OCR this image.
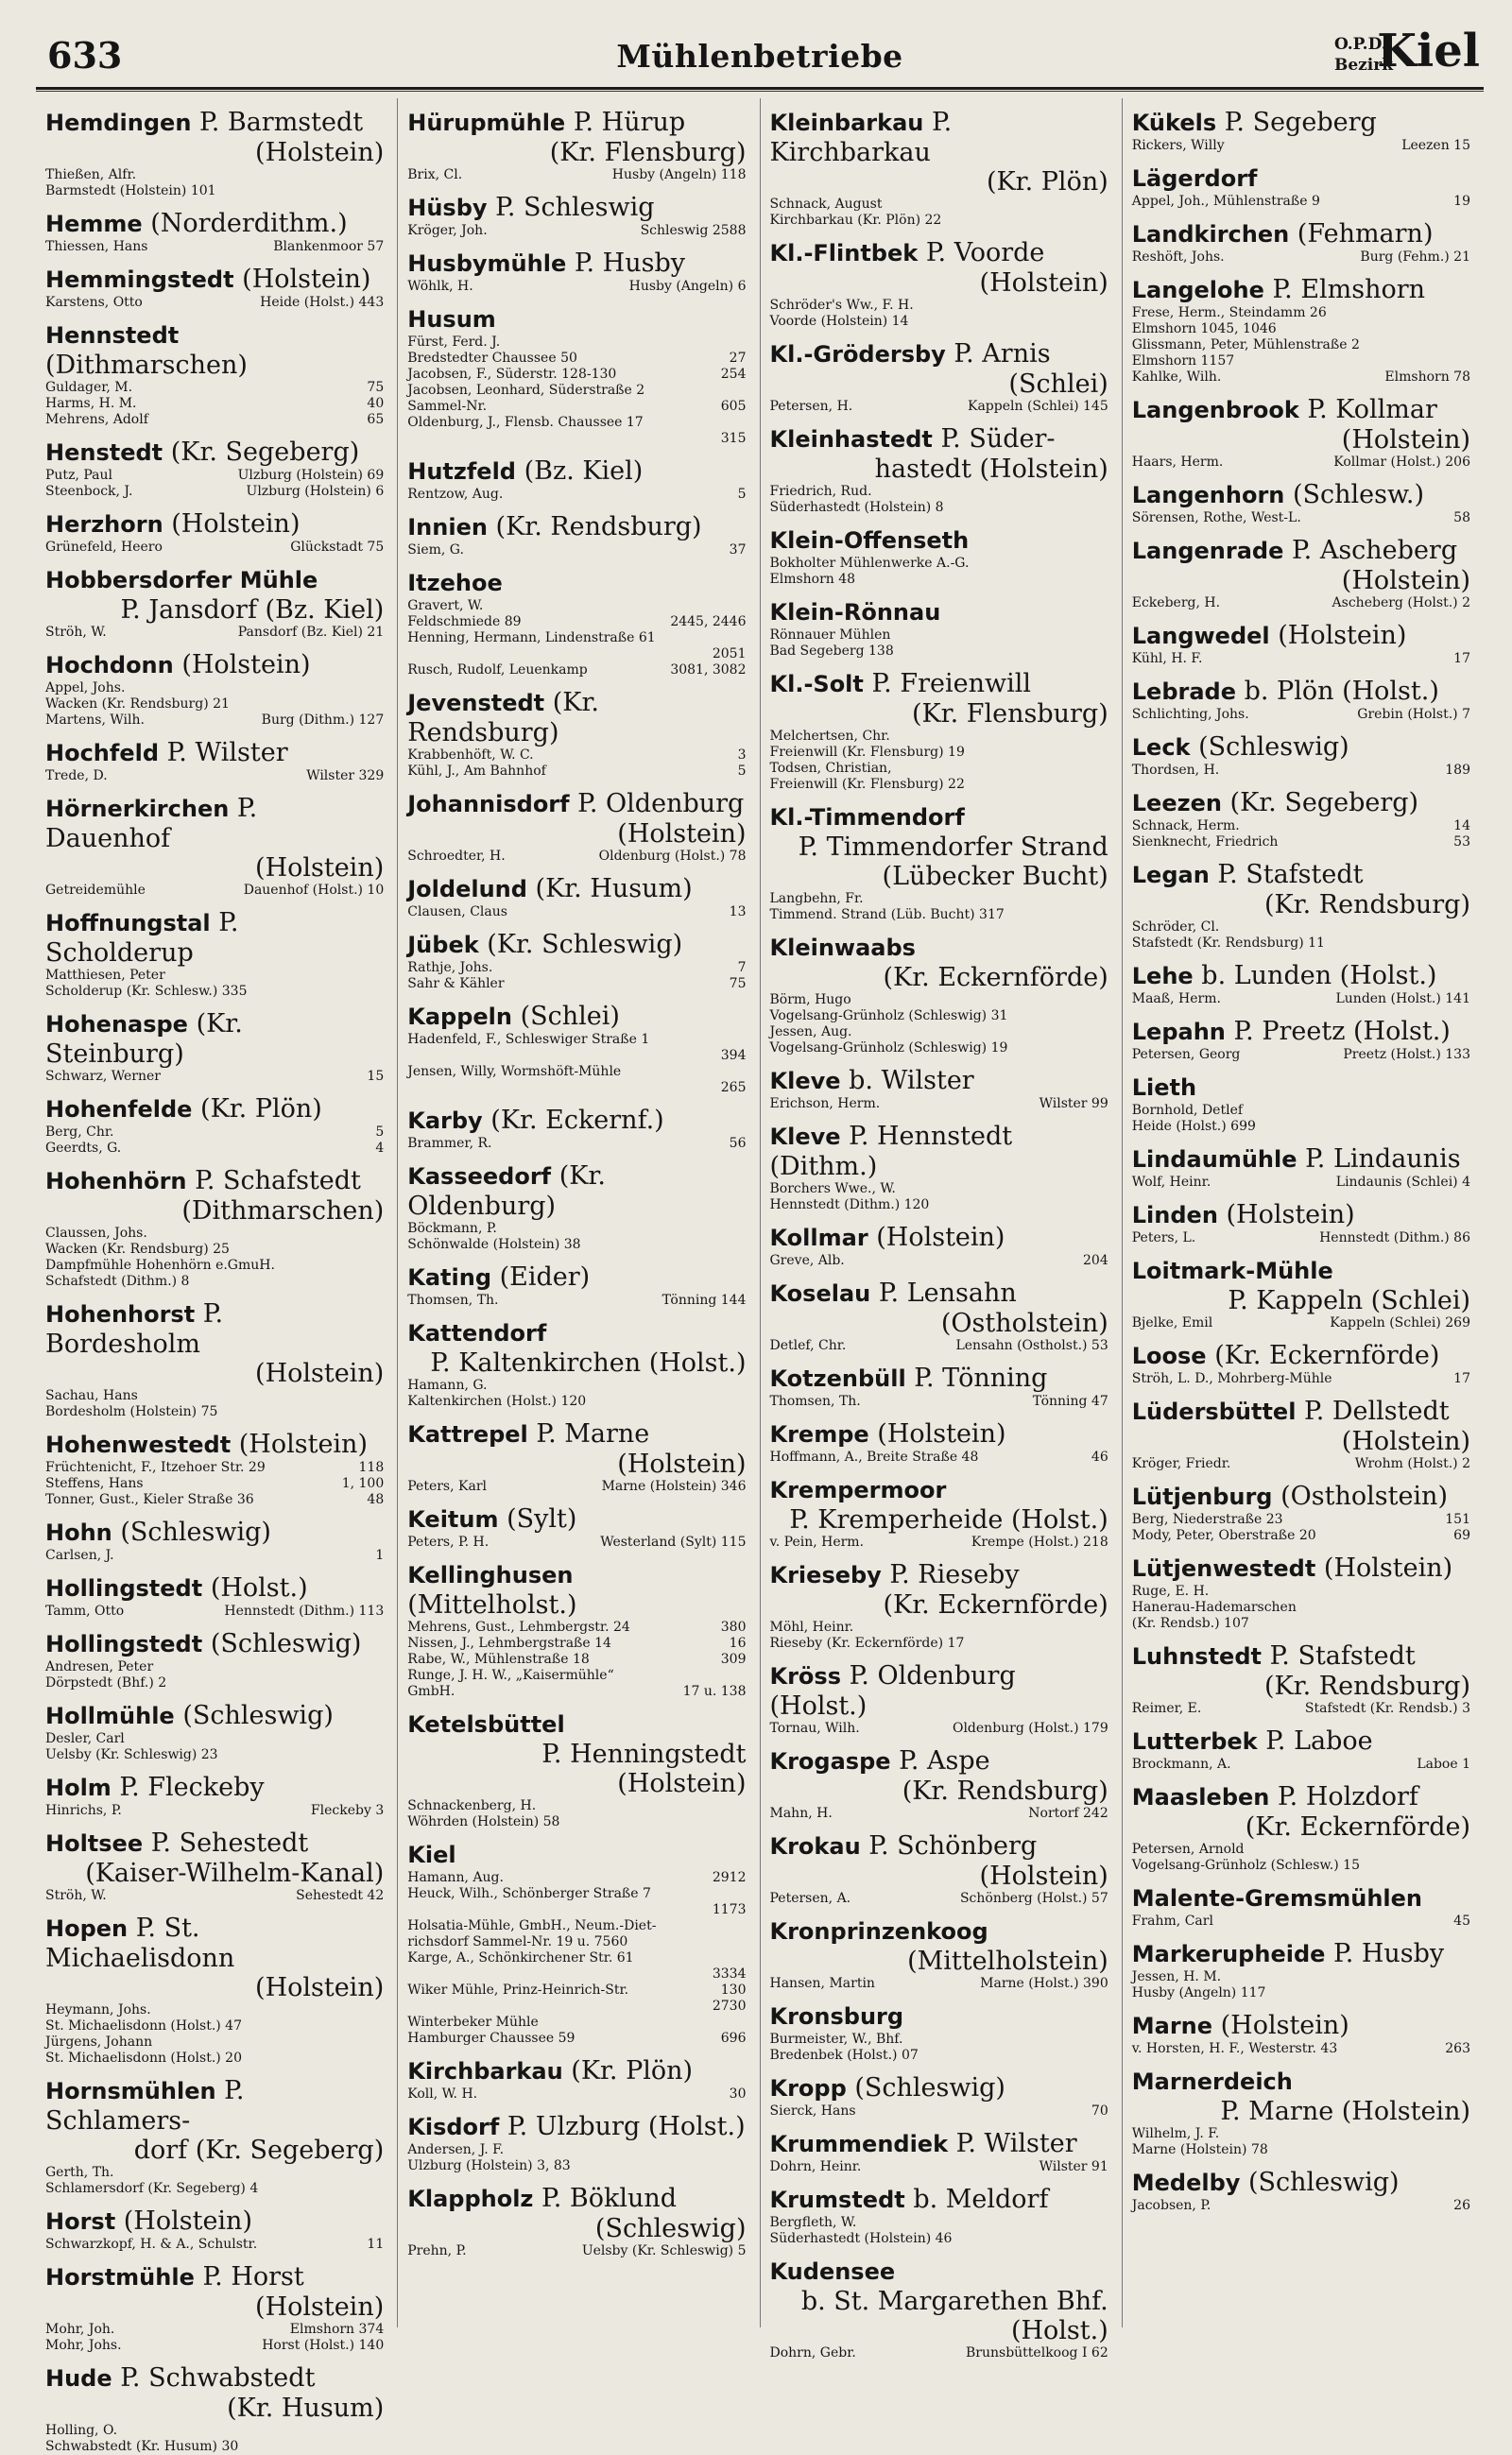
633	Mühlenbetriebe	O.P.D.
Bezirk
Kiel
Hemdingen P. Barmstedt
(Holstein)
Thießen, Alfr.
Barmstedt (Holstein) 101
Hemme (Norderdithm.)
Thiessen, Hans	Blankenmoor 57
Hemmingstedt (Holstein)
Karstens, Otto	Heide (Holst.) 443
Hennstedt (Dithmarschen)
Guldager, M.	75
Harms, H. M.	40
Mehrens, Adolf	65
Henstedt (Kr. Segeberg)
Putz, Paul	Ulzburg (Holstein) 69
Steenbock, J.	Ulzburg (Holstein) 6
Herzhorn (Holstein)
Grünefeld, Heero	Glückstadt 75
Hobbersdorfer Mühle
P. Jansdorf (Bz. Kiel)
Ströh, W.	Pansdorf (Bz. Kiel) 21
Hochdonn (Holstein)
Appel, Johs.
Wacken (Kr. Rendsburg) 21
Martens, Wilh.	Burg (Dithm.) 127
Hochfeld P. Wilster
Trede, D.	Wilster 329
Hörnerkirchen P. Dauenhof
(Holstein)
Getreidemühle	Dauenhof (Holst.) 10
Hoffnungstal P. Scholderup
Matthiesen, Peter
Scholderup (Kr. Schlesw.) 335
Hohenaspe (Kr. Steinburg)
Schwarz, Werner	15
Hohenfelde (Kr. Plön)
Berg, Chr.	5
Geerdts, G.	4
Hohenhörn P. Schafstedt
(Dithmarschen)
Claussen, Johs.
Wacken (Kr. Rendsburg) 25
Dampfmühle Hohenhörn e.GmuH.
Schafstedt (Dithm.) 8
Hohenhorst P. Bordesholm
(Holstein)
Sachau, Hans
Bordesholm (Holstein) 75
Hohenwestedt (Holstein)
Früchtenicht, F., Itzehoer Str. 29	118
Steffens, Hans	1, 100
Tonner, Gust., Kieler Straße 36	48
Hohn (Schleswig)
Carlsen, J.	1
Hollingstedt (Holst.)
Tamm, Otto	Hennstedt (Dithm.) 113
Hollingstedt (Schleswig)
Andresen, Peter
Dörpstedt (Bhf.) 2
Hollmühle (Schleswig)
Desler, Carl
Uelsby (Kr. Schleswig) 23
Holm P. Fleckeby
Hinrichs, P.	Fleckeby 3
Holtsee P. Sehestedt
(Kaiser-Wilhelm-Kanal)
Ströh, W.	Sehestedt 42
Hopen P. St. Michaelisdonn
(Holstein)
Heymann, Johs.
St. Michaelisdonn (Holst.) 47
Jürgens, Johann
St. Michaelisdonn (Holst.) 20
Hornsmühlen P. Schlamers-
dorf (Kr. Segeberg)
Gerth, Th.
Schlamersdorf (Kr. Segeberg) 4
Horst (Holstein)
Schwarzkopf, H. & A., Schulstr.	11
Horstmühle P. Horst
(Holstein)
Mohr, Joh.	Elmshorn 374
Mohr, Johs.	Horst (Holst.) 140
Hude P. Schwabstedt
(Kr. Husum)
Holling, O.
Schwabstedt (Kr. Husum) 30
Hürupmühle P. Hürup
(Kr. Flensburg)
Brix, Cl.	Husby (Angeln) 118
Hüsby P. Schleswig
Kröger, Joh.	Schleswig 2588
Husbymühle P. Husby
Wöhlk, H.	Husby (Angeln) 6
Husum
Fürst, Ferd. J.
Bredstedter Chaussee 50	27
Jacobsen, F., Süderstr. 128-130	254
Jacobsen, Leonhard, Süderstraße 2
Sammel-Nr.	605
Oldenburg, J., Flensb. Chaussee 17
315
Hutzfeld (Bz. Kiel)
Rentzow, Aug.	5
Innien (Kr. Rendsburg)
Siem, G.	37
Itzehoe
Gravert, W.
Feldschmiede 89	2445, 2446
Henning, Hermann, Lindenstraße 61
2051
Rusch, Rudolf, Leuenkamp	3081, 3082
Jevenstedt (Kr. Rendsburg)
Krabbenhöft, W. C.	3
Kühl, J., Am Bahnhof	5
Johannisdorf P. Oldenburg
(Holstein)
Schroedter, H.	Oldenburg (Holst.) 78
Joldelund (Kr. Husum)
Clausen, Claus	13
Jübek (Kr. Schleswig)
Rathje, Johs.	7
Sahr & Kähler	75
Kappeln (Schlei)
Hadenfeld, F., Schleswiger Straße 1
394
Jensen, Willy, Wormshöft-Mühle
265
Karby (Kr. Eckernf.)
Brammer, R.	56
Kasseedorf (Kr. Oldenburg)
Böckmann, P.
Schönwalde (Holstein) 38
Kating (Eider)
Thomsen, Th.	Tönning 144
Kattendorf
P. Kaltenkirchen (Holst.)
Hamann, G.
Kaltenkirchen (Holst.) 120
Kattrepel P. Marne
(Holstein)
Peters, Karl	Marne (Holstein) 346
Keitum (Sylt)
Peters, P. H.	Westerland (Sylt) 115
Kellinghusen (Mittelholst.)
Mehrens, Gust., Lehmbergstr. 24	380
Nissen, J., Lehmbergstraße 14	16
Rabe, W., Mühlenstraße 18	309
Runge, J. H. W., „Kaisermühle“
GmbH.	17 u. 138
Ketelsbüttel
P. Henningstedt (Holstein)
Schnackenberg, H.
Wöhrden (Holstein) 58
Kiel
Hamann, Aug.	2912
Heuck, Wilh., Schönberger Straße 7
1173
Holsatia-Mühle, GmbH., Neum.-Diet-
richsdorf Sammel-Nr. 19 u. 7560
Karge, A., Schönkirchener Str. 61
3334
Wiker Mühle, Prinz-Heinrich-Str.	130
2730
Winterbeker Mühle
Hamburger Chaussee 59	696
Kirchbarkau (Kr. Plön)
Koll, W. H.	30
Kisdorf P. Ulzburg (Holst.)
Andersen, J. F.
Ulzburg (Holstein) 3, 83
Klappholz P. Böklund
(Schleswig)
Prehn, P.	Uelsby (Kr. Schleswig) 5
Kleinbarkau P. Kirchbarkau
(Kr. Plön)
Schnack, August
Kirchbarkau (Kr. Plön) 22
Kl.-Flintbek P. Voorde
(Holstein)
Schröder's Ww., F. H.
Voorde (Holstein) 14
Kl.-Grödersby P. Arnis
(Schlei)
Petersen, H.	Kappeln (Schlei) 145
Kleinhastedt P. Süder-
hastedt (Holstein)
Friedrich, Rud.
Süderhastedt (Holstein) 8
Klein-Offenseth
Bokholter Mühlenwerke A.-G.
Elmshorn 48
Klein-Rönnau
Rönnauer Mühlen
Bad Segeberg 138
Kl.-Solt P. Freienwill
(Kr. Flensburg)
Melchertsen, Chr.
Freienwill (Kr. Flensburg) 19
Todsen, Christian,
Freienwill (Kr. Flensburg) 22
Kl.-Timmendorf
P. Timmendorfer Strand
(Lübecker Bucht)
Langbehn, Fr.
Timmend. Strand (Lüb. Bucht) 317
Kleinwaabs
(Kr. Eckernförde)
Börm, Hugo
Vogelsang-Grünholz (Schleswig) 31
Jessen, Aug.
Vogelsang-Grünholz (Schleswig) 19
Kleve b. Wilster
Erichson, Herm.	Wilster 99
Kleve P. Hennstedt (Dithm.)
Borchers Wwe., W.
Hennstedt (Dithm.) 120
Kollmar (Holstein)
Greve, Alb.	204
Koselau P. Lensahn
(Ostholstein)
Detlef, Chr.	Lensahn (Ostholst.) 53
Kotzenbüll P. Tönning
Thomsen, Th.	Tönning 47
Krempe (Holstein)
Hoffmann, A., Breite Straße 48	46
Krempermoor
P. Kremperheide (Holst.)
v. Pein, Herm.	Krempe (Holst.) 218
Krieseby P. Rieseby
(Kr. Eckernförde)
Möhl, Heinr.
Rieseby (Kr. Eckernförde) 17
Kröss P. Oldenburg (Holst.)
Tornau, Wilh.	Oldenburg (Holst.) 179
Krogaspe P. Aspe
(Kr. Rendsburg)
Mahn, H.	Nortorf 242
Krokau P. Schönberg
(Holstein)
Petersen, A.	Schönberg (Holst.) 57
Kronprinzenkoog
(Mittelholstein)
Hansen, Martin	Marne (Holst.) 390
Kronsburg
Burmeister, W., Bhf.
Bredenbek (Holst.) 07
Kropp (Schleswig)
Sierck, Hans	70
Krummendiek P. Wilster
Dohrn, Heinr.	Wilster 91
Krumstedt b. Meldorf
Bergfleth, W.
Süderhastedt (Holstein) 46
Kudensee
b. St. Margarethen Bhf.
(Holst.)
Dohrn, Gebr.	Brunsbüttelkoog I 62
Kükels P. Segeberg
Rickers, Willy	Leezen 15
Lägerdorf
Appel, Joh., Mühlenstraße 9	19
Landkirchen (Fehmarn)
Reshöft, Johs.	Burg (Fehm.) 21
Langelohe P. Elmshorn
Frese, Herm., Steindamm 26
Elmshorn 1045, 1046
Glissmann, Peter, Mühlenstraße 2
Elmshorn 1157
Kahlke, Wilh.	Elmshorn 78
Langenbrook P. Kollmar
(Holstein)
Haars, Herm.	Kollmar (Holst.) 206
Langenhorn (Schlesw.)
Sörensen, Rothe, West-L.	58
Langenrade P. Ascheberg
(Holstein)
Eckeberg, H.	Ascheberg (Holst.) 2
Langwedel (Holstein)
Kühl, H. F.	17
Lebrade b. Plön (Holst.)
Schlichting, Johs.	Grebin (Holst.) 7
Leck (Schleswig)
Thordsen, H.	189
Leezen (Kr. Segeberg)
Schnack, Herm.	14
Sienknecht, Friedrich	53
Legan P. Stafstedt
(Kr. Rendsburg)
Schröder, Cl.
Stafstedt (Kr. Rendsburg) 11
Lehe b. Lunden (Holst.)
Maaß, Herm.	Lunden (Holst.) 141
Lepahn P. Preetz (Holst.)
Petersen, Georg	Preetz (Holst.) 133
Lieth
Bornhold, Detlef
Heide (Holst.) 699
Lindaumühle P. Lindaunis
Wolf, Heinr.	Lindaunis (Schlei) 4
Linden (Holstein)
Peters, L.	Hennstedt (Dithm.) 86
Loitmark-Mühle
P. Kappeln (Schlei)
Bjelke, Emil	Kappeln (Schlei) 269
Loose (Kr. Eckernförde)
Ströh, L. D., Mohrberg-Mühle	17
Lüdersbüttel P. Dellstedt
(Holstein)
Kröger, Friedr.	Wrohm (Holst.) 2
Lütjenburg (Ostholstein)
Berg, Niederstraße 23	151
Mody, Peter, Oberstraße 20	69
Lütjenwestedt (Holstein)
Ruge, E. H.
Hanerau-Hademarschen
(Kr. Rendsb.) 107
Luhnstedt P. Stafstedt
(Kr. Rendsburg)
Reimer, E.	Stafstedt (Kr. Rendsb.) 3
Lutterbek P. Laboe
Brockmann, A.	Laboe 1
Maasleben P. Holzdorf
(Kr. Eckernförde)
Petersen, Arnold
Vogelsang-Grünholz (Schlesw.) 15
Malente-Gremsmühlen
Frahm, Carl	45
Markerupheide P. Husby
Jessen, H. M.
Husby (Angeln) 117
Marne (Holstein)
v. Horsten, H. F., Westerstr. 43	263
Marnerdeich
P. Marne (Holstein)
Wilhelm, J. F.
Marne (Holstein) 78
Medelby (Schleswig)
Jacobsen, P.	26
